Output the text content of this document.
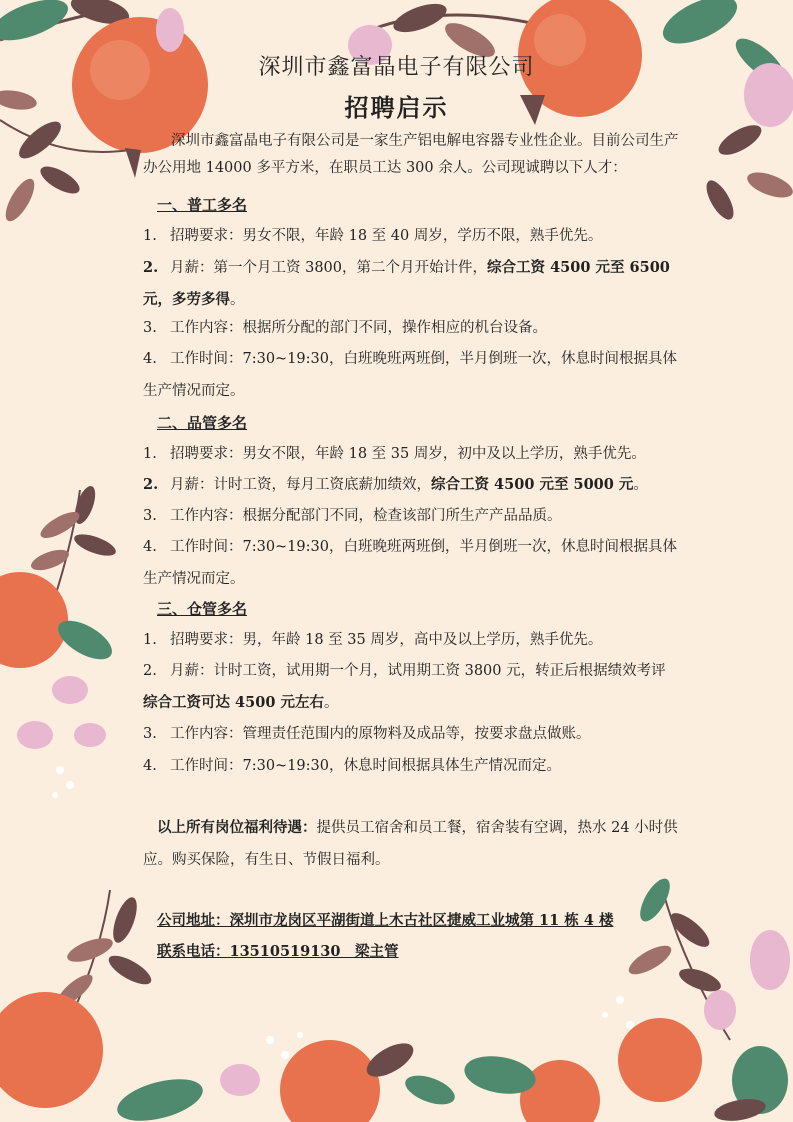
深圳市鑫富晶电子有限公司
招聘启示
深圳市鑫富晶电子有限公司是一家生产铝电解电容器专业性企业。目前公司生产办公用地 14000 多平方米，在职员工达 300 余人。公司现诚聘以下人才：
一、普工多名
1. 招聘要求：男女不限，年龄 18 至 40 周岁，学历不限，熟手优先。
2. 月薪：第一个月工资 3800，第二个月开始计件，综合工资 4500 元至 6500 元，多劳多得。
3. 工作内容：根据所分配的部门不同，操作相应的机台设备。
4. 工作时间：7:30~19:30，白班晚班两班倒，半月倒班一次，休息时间根据具体生产情况而定。
二、品管多名
1. 招聘要求：男女不限，年龄 18 至 35 周岁，初中及以上学历，熟手优先。
2. 月薪：计时工资，每月工资底薪加绩效，综合工资 4500 元至 5000 元。
3. 工作内容：根据分配部门不同，检查该部门所生产产品品质。
4. 工作时间：7:30~19:30，白班晚班两班倒，半月倒班一次，休息时间根据具体生产情况而定。
三、仓管多名
1. 招聘要求：男，年龄 18 至 35 周岁，高中及以上学历，熟手优先。
2. 月薪：计时工资，试用期一个月，试用期工资 3800 元，转正后根据绩效考评综合工资可达 4500 元左右。
3. 工作内容：管理责任范围内的原物料及成品等，按要求盘点做账。
4. 工作时间：7:30~19:30，休息时间根据具体生产情况而定。
以上所有岗位福利待遇：提供员工宿舍和员工餐，宿舍装有空调，热水 24 小时供应。购买保险，有生日、节假日福利。
公司地址：深圳市龙岗区平湖街道上木古社区捷威工业城第 11 栋 4 楼
联系电话：13510519130　梁主管
